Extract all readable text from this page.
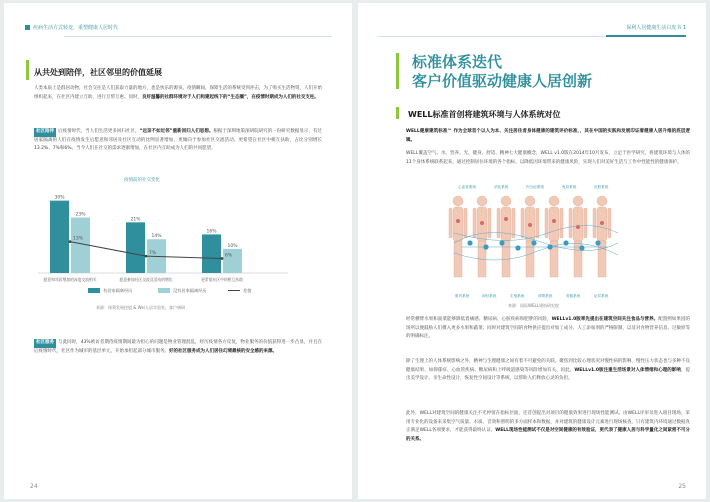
疾病生活方式转变，重塑健康人居时代
从共处到陪伴，社区邻里的价值延展
人类本质上是群居动物，社会交往是人们获取力量的地方，也是快乐的源泉。疫情瞬间，保障生活的系统受到冲击，为了购买生活物资，人们开始组织起来，在社区内建立互助，进行互帮互惠。同时，良好温馨的社群环境对于人们构建起线下的“生态圈”，在疫情时期成为人们的社交支柱。
社区陪伴 后疫情时代，当人们生活更多回归社区，“远亲不如近邻”重新回归人们思想。根据于深圳地策深研院研究的一份研究数据显示，有过居家隔离的人们在疫情发生后愿意和邻居及社区互动的比例显著增加，更倾向于参加社区交流活动、更希望在社区中相互扶助，占比分别增长13.2%、7%和6%。当今人们在社交的需求逐渐增加，在社区内互助成为人们的共同愿望。
疫情前的社交变化
30%
23%
13%
愿意和邻居增加的深度交流相关
21%
14%
7%
愿意参加社区交流及活动的增比
16%
10%
6%
更希望社区中的相互扶助
有居家隔离经历	没有居家隔离经历	差值
来源：保利发展控股 & Wei人居实验室、客户调研
社区服务 与此同时，43%被访者期待疫情期间最为担心的问题是物业管理混乱，经历疫情各方反复，物业服务的价值获得进一步凸显，并且在后疫情时代，社区作为城市的基层单元，开始承担起部分城市服务。好的社区服务成为人们居住幻境最核的安全感的来源。
24
保利人居健康生活白皮书 1
标准体系迭代
客户价值驱动健康人居创新
WELL标准首创将建筑环境与人体系统对位
WELL健康建筑标准™ 作为全球首个以人为本、关注居住者身体健康的建筑评价标准，，其在中国的实践和发展印证着健康人居升维的底层逻辑。
WELL覆盖空气、水、营养、光、健身、舒适、精神七大健康概念，WELL v1.0版在2014年10月发布，立足于医学研究，将建筑环境与人体的11个身体系统联系起来，通过控制居住环境的各个指标，以降低因环境带来的健康风险，实现人们对美好生活与工作中性能性的健康保护。
心血管系统	消化系统	内分泌系统	免疫系统	皮肤系统
肌肉系统	神经系统	生殖系统	呼吸系统	骨骼系统	泌尿系统
来源：国际WELL建筑研究院
经常横臂水果和面菜能够降低着痛感、糖尿病、心脏疾病和肥胖的风险，WELLv1.0版率先提出在建筑空间关注食品与营养。配置例如果园的场所以便鼓励人们摄入更多水果和蔬菜；同时对建筑空间的食物供应提出对加工成分、人工添加剂的严格限制，以及对食物营养信息、过敏原等的明确标注。
除了生理上的人体系统影响之外，精神与生理健康之间有着不可避免的关联。聚焦到比较心理状况对慢性病的影响，慢性压力状态也与多种不良健康结果、如抑郁症、心血管疾病、糖尿病和上呼吸道感染等风险增加有关。因此，WELLv1.0版注重生活场景对人体情绪和心理的影响，提出美学设计、亲生命性设计，恢复性空间设计等系统，以帮助人们释放心灵的负担。
此外，WELL对建筑空间的健康关注不光停留在指标层面，还首创提出对项目的健康效果进行现场性能测试。由WELL评审员进入项目现场，采用专业化的设备来采集空气质量、水质、音效和照明的多方面样本和数据，并对建筑的健康设计元素进行现场核查，只有建筑内环境通过数据真正满足WELL各项要求，才能获得最终认证。WELL现场性能测试不仅是对空间健康的有效验证，更代表了健康人居与科学量化之间紧密不可分的关系。
25
